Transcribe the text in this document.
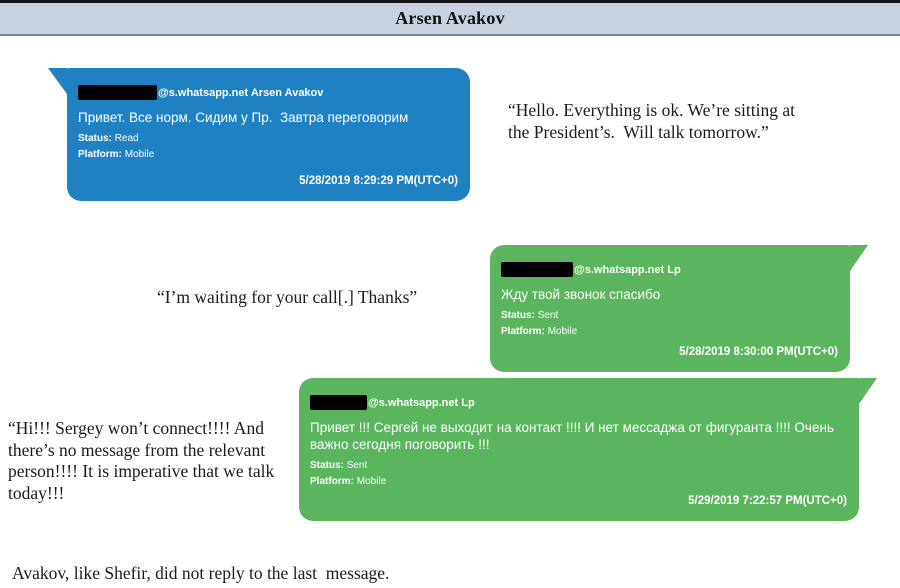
Arsen Avakov
@s.whatsapp.net Arsen Avakov
Привет. Все норм. Сидим у Пр.  Завтра переговорим
Status: Read
Platform: Mobile
5/28/2019 8:29:29 PM(UTC+0)
“Hello. Everything is ok. We’re sitting at the President’s.  Will talk tomorrow.”
@s.whatsapp.net Lp
Жду твой звонок спасибо
Status: Sent
Platform: Mobile
5/28/2019 8:30:00 PM(UTC+0)
“I’m waiting for your call[.] Thanks”
@s.whatsapp.net Lp
Привет !!! Сергей не выходит на контакт !!!! И нет мессаджа от фигуранта !!!! Очень важно сегодня поговорить !!!
Status: Sent
Platform: Mobile
5/29/2019 7:22:57 PM(UTC+0)
“Hi!!! Sergey won’t connect!!!! And there’s no message from the relevant person!!!! It is imperative that we talk today!!!
Avakov, like Shefir, did not reply to the last  message.
